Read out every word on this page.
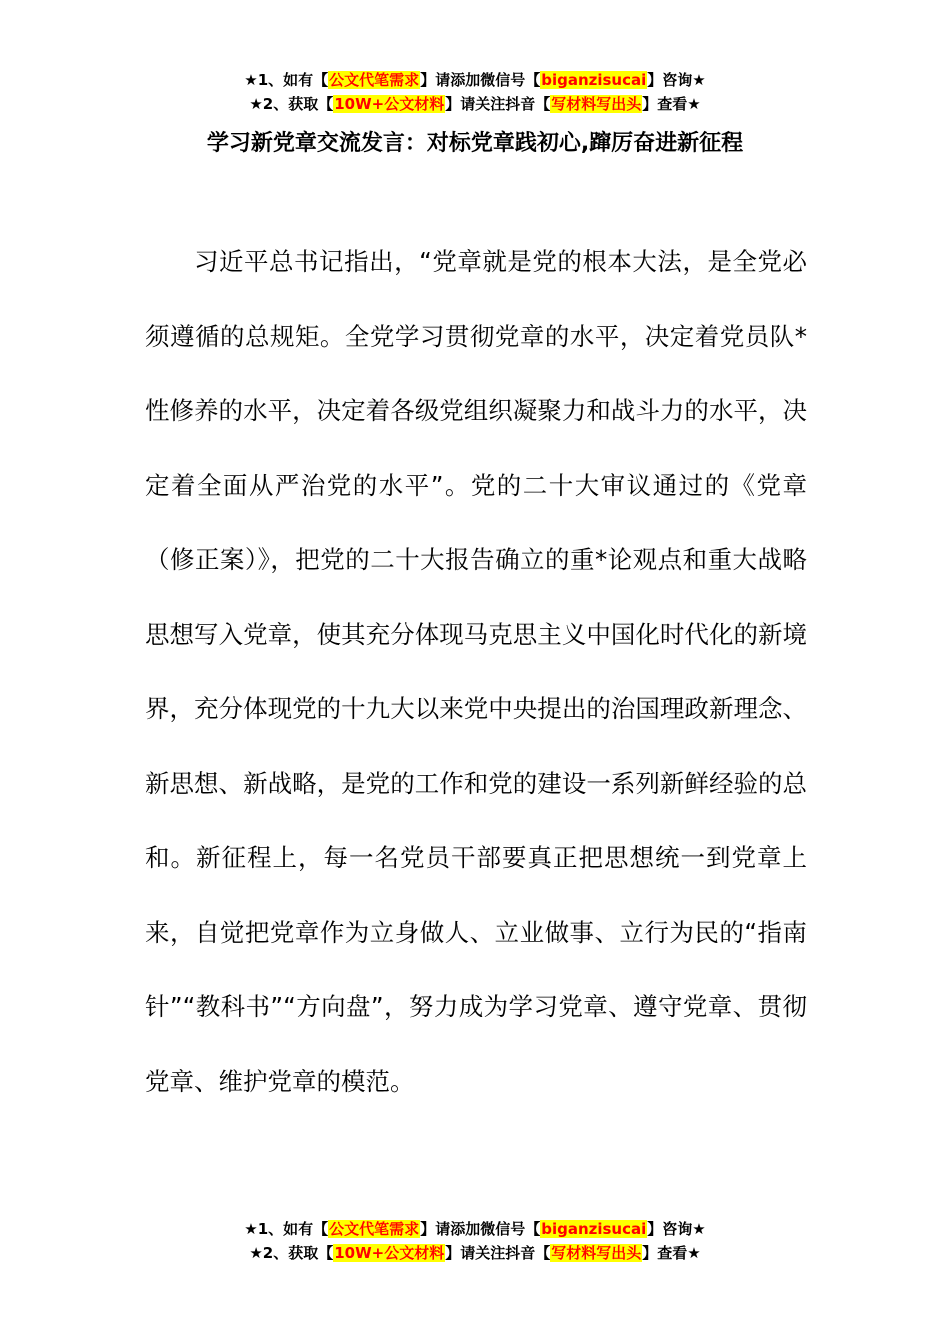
★1、如有【公文代笔需求】请添加微信号【biganzisucai】咨询★
★2、获取【10W+公文材料】请关注抖音【写材料写出头】查看★
学习新党章交流发言：对标党章践初心,蹿厉奋进新征程

习近平总书记指出，“党章就是党的根本大法，是全党必须遵循的总规矩。全党学习贯彻党章的水平，决定着党员队*性修养的水平，决定着各级党组织凝聚力和战斗力的水平，决定着全面从严治党的水平”。党的二十大审议通过的《党章（修正案）》，把党的二十大报告确立的重*论观点和重大战略思想写入党章，使其充分体现马克思主义中国化时代化的新境界，充分体现党的十九大以来党中央提出的治国理政新理念、新思想、新战略，是党的工作和党的建设一系列新鲜经验的总和。新征程上，每一名党员干部要真正把思想统一到党章上来，自觉把党章作为立身做人、立业做事、立行为民的“指南针”“教科书”“方向盘”，努力成为学习党章、遵守党章、贯彻党章、维护党章的模范。

★1、如有【公文代笔需求】请添加微信号【biganzisucai】咨询★
★2、获取【10W+公文材料】请关注抖音【写材料写出头】查看★
